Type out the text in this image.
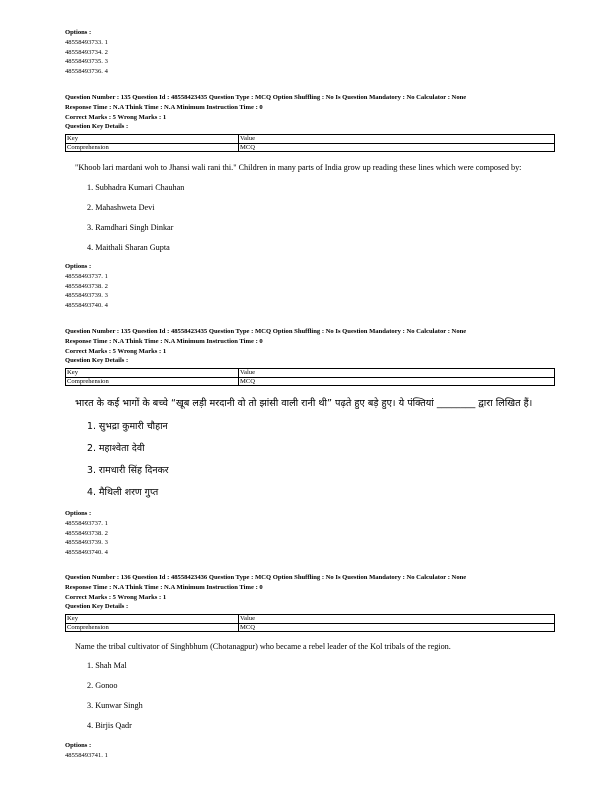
Options :
48558493733. 1
48558493734. 2
48558493735. 3
48558493736. 4
Question Number : 135 Question Id : 48558423435 Question Type : MCQ Option Shuffling : No Is Question Mandatory : No Calculator : None
Response Time : N.A Think Time : N.A Minimum Instruction Time : 0
Correct Marks : 5 Wrong Marks : 1
Question Key Details :
Key	Value
Comprehension	MCQ
"Khoob lari mardani woh to Jhansi wali rani thi." Children in many parts of India grow up reading these lines which were composed by:
1. Subhadra Kumari Chauhan
2. Mahashweta Devi
3. Ramdhari Singh Dinkar
4. Maithali Sharan Gupta
Options :
48558493737. 1
48558493738. 2
48558493739. 3
48558493740. 4
Question Number : 135 Question Id : 48558423435 Question Type : MCQ Option Shuffling : No Is Question Mandatory : No Calculator : None
Response Time : N.A Think Time : N.A Minimum Instruction Time : 0
Correct Marks : 5 Wrong Marks : 1
Question Key Details :
Key	Value
Comprehension	MCQ
भारत के कई भागों के बच्चे “खूब लड़ी मरदानी वो तो झांसी वाली रानी थी” पढ़ते हुए बड़े हुए। ये पंक्तियां ________ द्वारा लिखित हैं।
1. सुभद्रा कुमारी चौहान
2. महाश्वेता देवी
3. रामधारी सिंह दिनकर
4. मैथिली शरण गुप्त
Options :
48558493737. 1
48558493738. 2
48558493739. 3
48558493740. 4
Question Number : 136 Question Id : 48558423436 Question Type : MCQ Option Shuffling : No Is Question Mandatory : No Calculator : None
Response Time : N.A Think Time : N.A Minimum Instruction Time : 0
Correct Marks : 5 Wrong Marks : 1
Question Key Details :
Key	Value
Comprehension	MCQ
Name the tribal cultivator of Singhbhum (Chotanagpur) who became a rebel leader of the Kol tribals of the region.
1. Shah Mal
2. Gonoo
3. Kunwar Singh
4. Birjis Qadr
Options :
48558493741. 1
